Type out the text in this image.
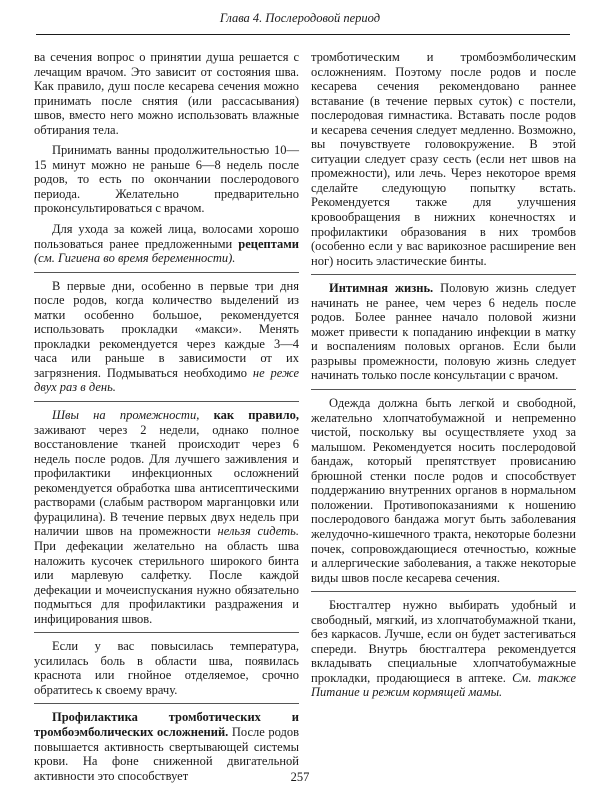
Глава 4. Послеродовой период

ва сечения вопрос о принятии душа решается с лечащим врачом. Это зависит от состояния шва. Как правило, душ после кесарева сечения можно принимать после снятия (или рассасывания) швов, вместо него можно использовать влажные обтирания тела.

Принимать ванны продолжительностью 10—15 минут можно не раньше 6—8 недель после родов, то есть по окончании послеродового периода. Желательно предварительно проконсультироваться с врачом.

Для ухода за кожей лица, волосами хорошо пользоваться ранее предложенными рецептами (см. Гигиена во время беременности).

В первые дни, особенно в первые три дня после родов, когда количество выделений из матки особенно большое, рекомендуется использовать прокладки «макси». Менять прокладки рекомендуется через каждые 3—4 часа или раньше в зависимости от их загрязнения. Подмываться необходимо не реже двух раз в день.

Швы на промежности, как правило, заживают через 2 недели, однако полное восстановление тканей происходит через 6 недель после родов. Для лучшего заживления и профилактики инфекционных осложнений рекомендуется обработка шва антисептическими растворами (слабым раствором марганцовки или фурацилина). В течение первых двух недель при наличии швов на промежности нельзя сидеть. При дефекации желательно на область шва наложить кусочек стерильного широкого бинта или марлевую салфетку. После каждой дефекации и мочеиспускания нужно обязательно подмыться для профилактики раздражения и инфицирования швов.

Если у вас повысилась температура, усилилась боль в области шва, появилась краснота или гнойное отделяемое, срочно обратитесь к своему врачу.

Профилактика тромботических и тромбоэмболических осложнений. После родов повышается активность свертывающей системы крови. На фоне сниженной двигательной активности это способствует

тромботическим и тромбоэмболическим осложнениям. Поэтому после родов и после кесарева сечения рекомендовано раннее вставание (в течение первых суток) с постели, послеродовая гимнастика. Вставать после родов и кесарева сечения следует медленно. Возможно, вы почувствуете головокружение. В этой ситуации следует сразу сесть (если нет швов на промежности), или лечь. Через некоторое время сделайте следующую попытку встать. Рекомендуется также для улучшения кровообращения в нижних конечностях и профилактики образования в них тромбов (особенно если у вас варикозное расширение вен ног) носить эластические бинты.

Интимная жизнь. Половую жизнь следует начинать не ранее, чем через 6 недель после родов. Более раннее начало половой жизни может привести к попаданию инфекции в матку и воспалениям половых органов. Если были разрывы промежности, половую жизнь следует начинать только после консультации с врачом.

Одежда должна быть легкой и свободной, желательно хлопчатобумажной и непременно чистой, поскольку вы осуществляете уход за малышом. Рекомендуется носить послеродовой бандаж, который препятствует провисанию брюшной стенки после родов и способствует поддержанию внутренних органов в нормальном положении. Противопоказаниями к ношению послеродового бандажа могут быть заболевания желудочно-кишечного тракта, некоторые болезни почек, сопровождающиеся отечностью, кожные и аллергические заболевания, а также некоторые виды швов после кесарева сечения.

Бюстгалтер нужно выбирать удобный и свободный, мягкий, из хлопчатобумажной ткани, без каркасов. Лучше, если он будет застегиваться спереди. Внутрь бюстгалтера рекомендуется вкладывать специальные хлопчатобумажные прокладки, продающиеся в аптеке. См. также Питание и режим кормящей мамы.

257
